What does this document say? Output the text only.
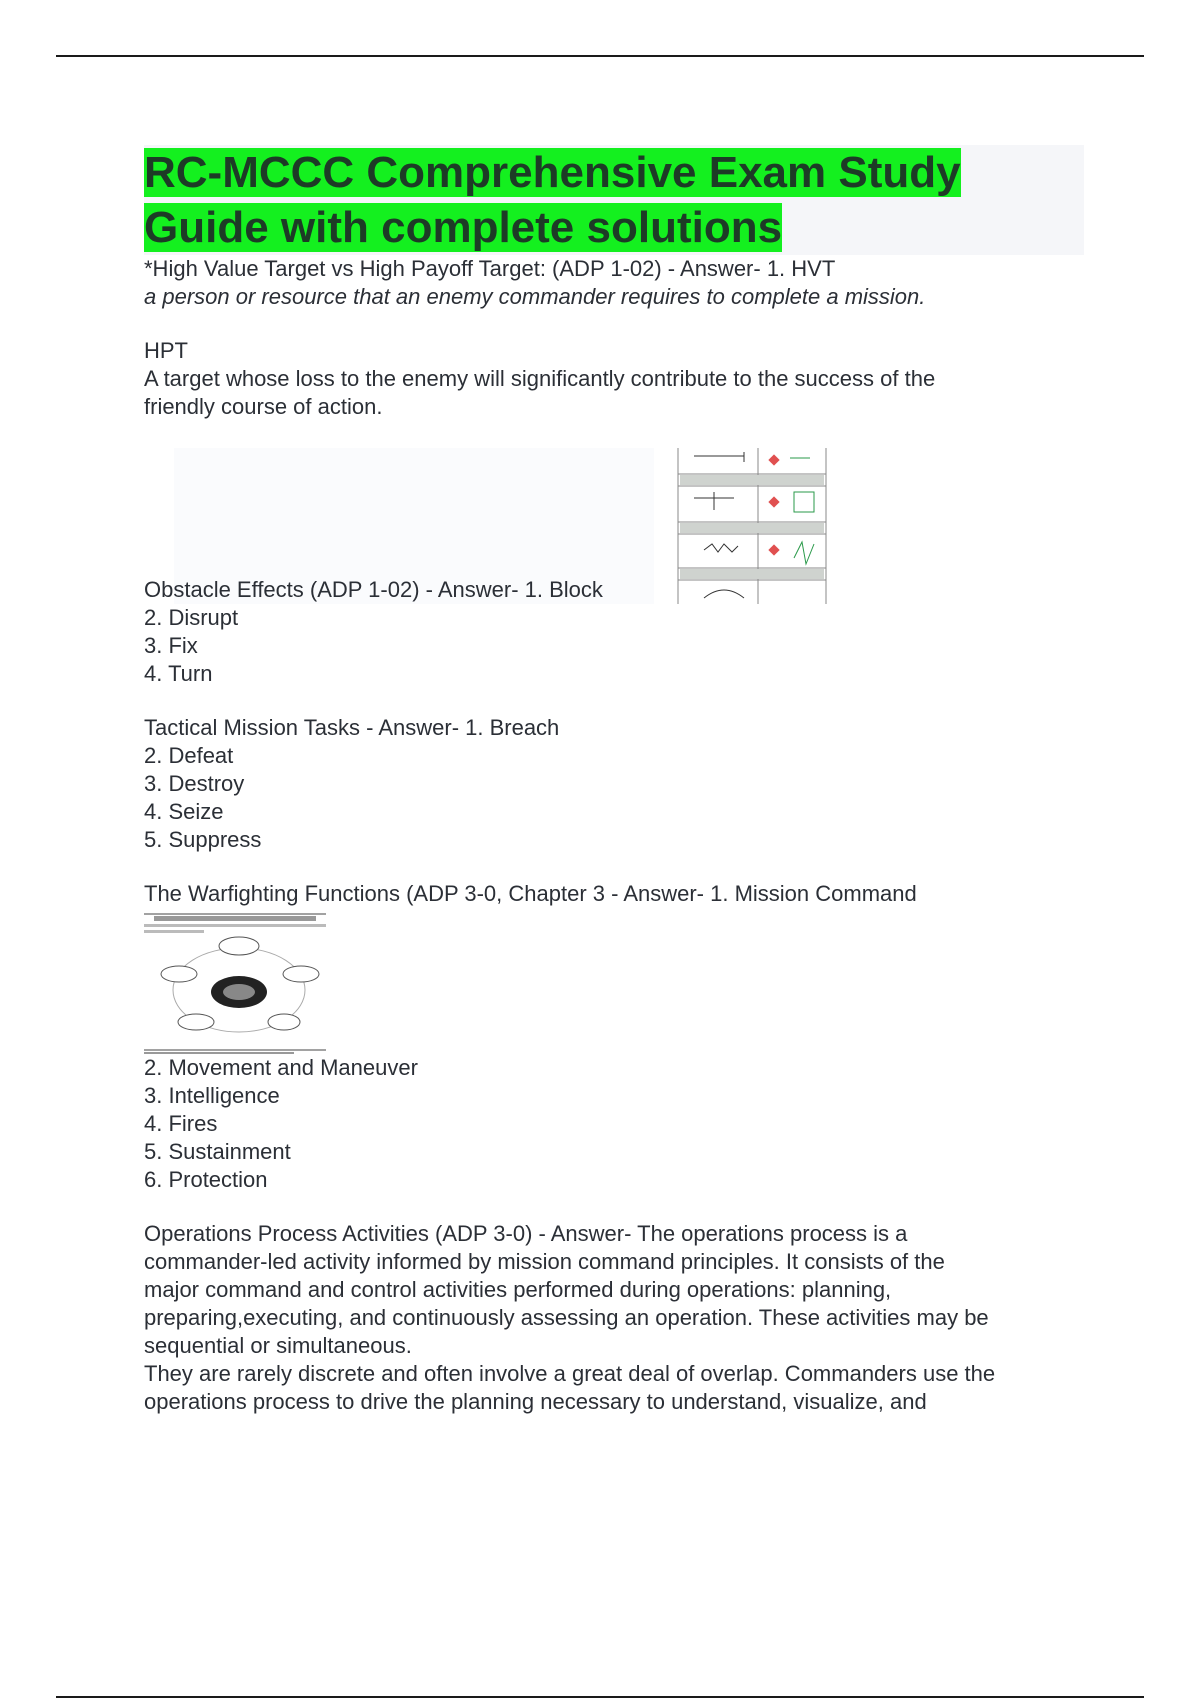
RC-MCCC Comprehensive Exam Study Guide with complete solutions

*High Value Target vs High Payoff Target: (ADP 1-02) - Answer- 1. HVT

a person or resource that an enemy commander requires to complete a mission.

HPT

A target whose loss to the enemy will significantly contribute to the success of the

friendly course of action.

Obstacle Effects (ADP 1-02) - Answer- 1. Block

2. Disrupt

3. Fix

4. Turn

Tactical Mission Tasks - Answer- 1. Breach

2. Defeat

3. Destroy

4. Seize

5. Suppress

The Warfighting Functions (ADP 3-0, Chapter 3 - Answer- 1. Mission Command

2. Movement and Maneuver

3. Intelligence

4. Fires

5. Sustainment

6. Protection

Operations Process Activities (ADP 3-0) - Answer- The operations process is a

commander-led activity informed by mission command principles. It consists of the

major command and control activities performed during operations: planning,

preparing,executing, and continuously assessing an operation. These activities may be

sequential or simultaneous.

They are rarely discrete and often involve a great deal of overlap. Commanders use the

operations process to drive the planning necessary to understand, visualize, and
